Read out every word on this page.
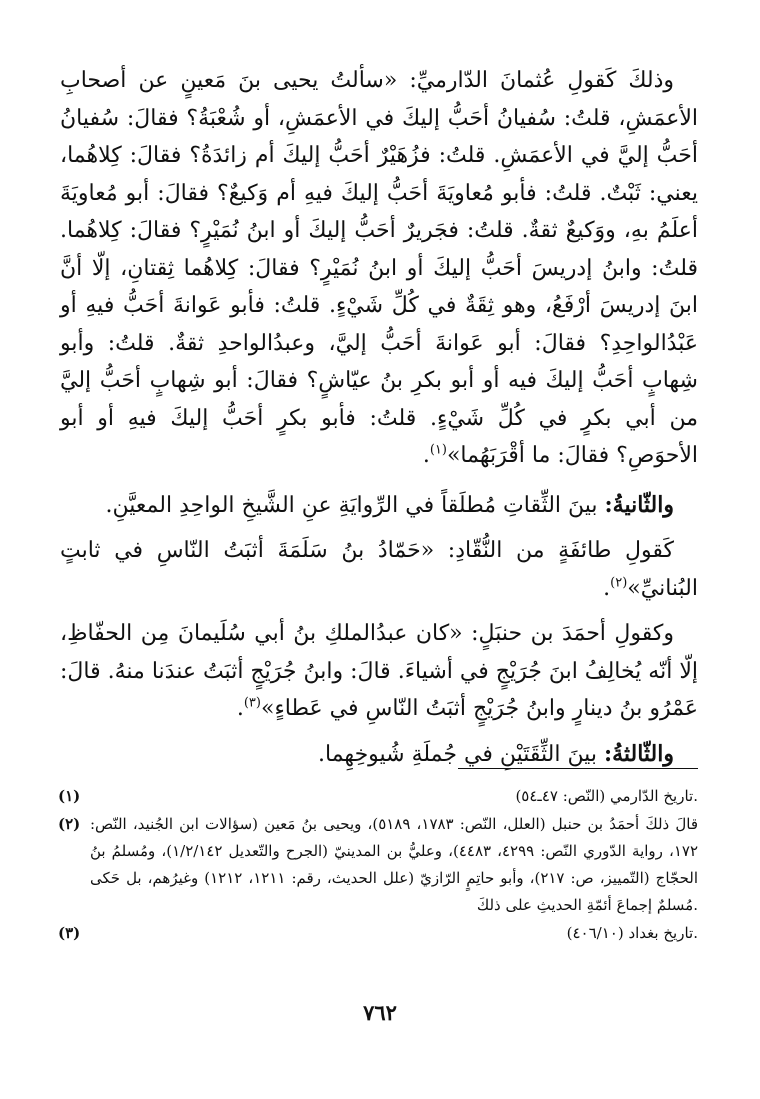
وذلكَ كَقولِ عُثمانَ الدّارميِّ: «سألتُ يحيى بنَ مَعينٍ عن أصحابِ الأعمَشِ، قلتُ: سُفيانُ أحَبُّ إليكَ في الأعمَشِ، أو شُعْبَةُ؟ فقالَ: سُفيانُ أحَبُّ إليَّ في الأعمَشِ. قلتُ: فزُهَيْرٌ أحَبُّ إليكَ أم زائدَةُ؟ فقالَ: كِلاهُما، يعني: ثَبْتٌ. قلتُ: فأبو مُعاويَةَ أحَبُّ إليكَ فيهِ أم وَكيعٌ؟ فقالَ: أبو مُعاويَةَ أعلَمُ بهِ، ووَكيعٌ ثقةٌ. قلتُ: فجَريرٌ أحَبُّ إليكَ أو ابنُ نُمَيْرٍ؟ فقالَ: كِلاهُما. قلتُ: وابنُ إدريسَ أحَبُّ إليكَ أو ابنُ نُمَيْرٍ؟ فقالَ: كِلاهُما ثِقتانِ، إلّا أنَّ ابنَ إدريسَ أرْفَعُ، وهو ثِقَةٌ في كُلِّ شَيْءٍ. قلتُ: فأبو عَوانةَ أحَبُّ فيهِ أو عَبْدُالواحِدِ؟ فقالَ: أبو عَوانةَ أحَبُّ إليَّ، وعبدُالواحدِ ثقةٌ. قلتُ: وأبو شِهابٍ أحَبُّ إليكَ فيه أو أبو بكرِ بنُ عيّاشٍ؟ فقالَ: أبو شِهابٍ أحَبُّ إليَّ من أبي بكرٍ في كُلِّ شَيْءٍ. قلتُ: فأبو بكرٍ أحَبُّ إليكَ فيهِ أو أبو الأحوَصِ؟ فقالَ: ما أقْرَبَهُما»$^{(١)}$.

والثّانيةُ: بينَ الثِّقاتِ مُطلَقاً في الرِّوايَةِ عنِ الشَّيخِ الواحِدِ المعيَّنِ.

كَقولِ طائفَةٍ من النُّقّادِ: «حَمّادُ بنُ سَلَمَةَ أثبَتُ النّاسِ في ثابتٍ البُنانيِّ»$^{(٢)}$.

وكقولِ أحمَدَ بن حنبَلٍ: «كان عبدُالملكِ بنُ أبي سُلَيمانَ مِن الحفّاظِ، إلّا أنّه يُخالِفُ ابنَ جُرَيْجٍ في أشياءَ. قالَ: وابنُ جُرَيْجٍ أثبَتُ عندَنا منهُ. قالَ: عَمْرُو بنُ دينارٍ وابنُ جُرَيْجٍ أثبَتُ النّاسِ في عَطاءٍ»$^{(٣)}$.

والثّالثةُ: بينَ الثِّقَتَيْنِ في جُملَةِ شُيوخِهِما.

(١)	تاريخ الدّارمي (النّص: ٤٧ـ٥٤).
(٢) قالَ ذلكَ أحمَدُ بن حنبل (العلل، النّص: ١٧٨٣، ٥١٨٩)، ويحيى بنُ مَعين (سؤالات ابن الجُنيد، النّص: ١٧٢، رواية الدّوري النّص: ٤٢٩٩، ٤٤٨٣)، وعليُّ بن المدينيّ (الجرح والتّعديل ١/٢/١٤٢)، ومُسلمُ بنُ الحجّاج (التّمييز، ص: ٢١٧)، وأبو حاتِمٍ الرّازيّ (علل الحديث، رقم: ١٢١١، ١٢١٢) وغيرُهم، بل حَكى مُسلمٌ إجماعَ أئمّةِ الحديثِ على ذلكَ.
(٣)	تاريخ بغداد (٤٠٦/١٠).
٧٦٢
